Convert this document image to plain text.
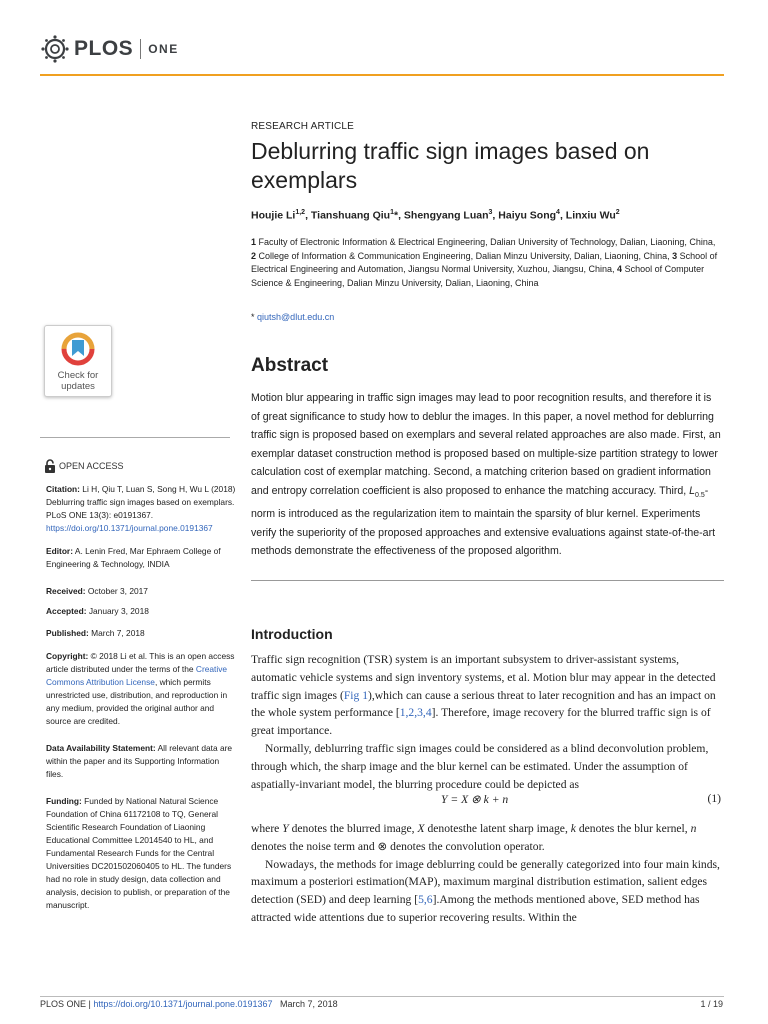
PLOS ONE
RESEARCH ARTICLE
Deblurring traffic sign images based on exemplars
Houjie Li$^{1,2}$, Tianshuang Qiu$^1$*, Shengyang Luan$^3$, Haiyu Song$^4$, Linxiu Wu$^2$
1 Faculty of Electronic Information & Electrical Engineering, Dalian University of Technology, Dalian, Liaoning, China, 2 College of Information & Communication Engineering, Dalian Minzu University, Dalian, Liaoning, China, 3 School of Electrical Engineering and Automation, Jiangsu Normal University, Xuzhou, Jiangsu, China, 4 School of Computer Science & Engineering, Dalian Minzu University, Dalian, Liaoning, China
* qiutsh@dlut.edu.cn
Abstract

Motion blur appearing in traffic sign images may lead to poor recognition results, and therefore it is of great significance to study how to deblur the images. In this paper, a novel method for deblurring traffic sign is proposed based on exemplars and several related approaches are also made. First, an exemplar dataset construction method is proposed based on multiple-size partition strategy to lower calculation cost of exemplar matching. Second, a matching criterion based on gradient information and entropy correlation coefficient is also proposed to enhance the matching accuracy. Third, $L_{0.5}$-norm is introduced as the regularization item to maintain the sparsity of blur kernel. Experiments verify the superiority of the proposed approaches and extensive evaluations against state-of-the-art methods demonstrate the effectiveness of the proposed algorithm.

Introduction

Traffic sign recognition (TSR) system is an important subsystem to driver-assistant systems, automatic vehicle systems and sign inventory systems, et al. Motion blur may appear in the detected traffic sign images (Fig 1),which can cause a serious threat to later recognition and has an impact on the whole system performance [1,2,3,4]. Therefore, image recovery for the blurred traffic sign is of great importance.

Normally, deblurring traffic sign images could be considered as a blind deconvolution problem, through which, the sharp image and the blur kernel can be estimated. Under the assumption of aspatially-invariant model, the blurring procedure could be depicted as

Y = X ⊗ k + n	(1)

where Y denotes the blurred image, X denotesthe latent sharp image, k denotes the blur kernel, n denotes the noise term and ⊗ denotes the convolution operator.

Nowadays, the methods for image deblurring could be generally categorized into four main kinds, maximum a posteriori estimation(MAP), maximum marginal distribution estimation, salient edges detection (SED) and deep learning [5,6].Among the methods mentioned above, SED method has attracted wide attentions due to superior recovering results. Within the

Check for
updates
OPEN ACCESS
Citation: Li H, Qiu T, Luan S, Song H, Wu L (2018) Deblurring traffic sign images based on exemplars. PLoS ONE 13(3): e0191367. https://doi.org/10.1371/journal.pone.0191367
Editor: A. Lenin Fred, Mar Ephraem College of Engineering & Technology, INDIA
Received: October 3, 2017
Accepted: January 3, 2018
Published: March 7, 2018
Copyright: © 2018 Li et al. This is an open access article distributed under the terms of the Creative Commons Attribution License, which permits unrestricted use, distribution, and reproduction in any medium, provided the original author and source are credited.
Data Availability Statement: All relevant data are within the paper and its Supporting Information files.
Funding: Funded by National Natural Science Foundation of China 61172108 to TQ, General Scientific Research Foundation of Liaoning Educational Committee L2014540 to HL, and Fundamental Research Funds for the Central Universities DC201502060405 to HL. The funders had no role in study design, data collection and analysis, decision to publish, or preparation of the manuscript.
PLOS ONE | https://doi.org/10.1371/journal.pone.0191367 March 7, 2018	1 / 19
